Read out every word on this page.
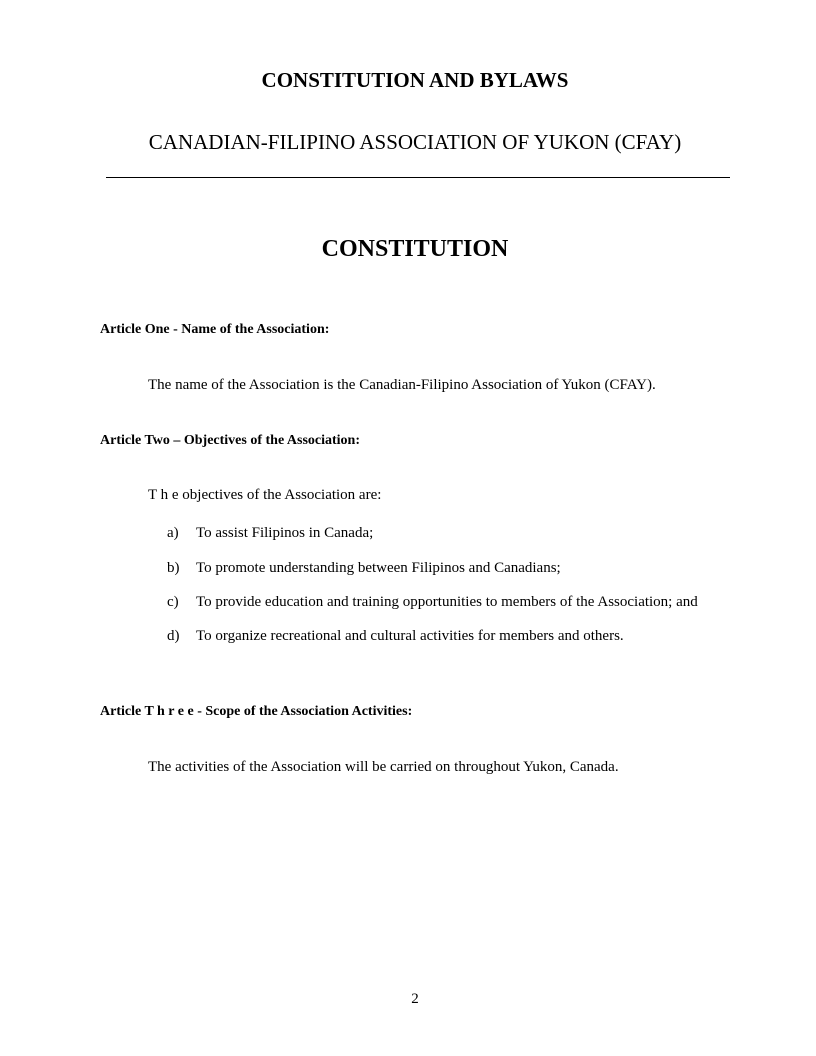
CONSTITUTION AND BYLAWS
CANADIAN-FILIPINO ASSOCIATION OF YUKON (CFAY)
CONSTITUTION
Article One - Name of the Association:
The name of the Association is the Canadian-Filipino Association of Yukon (CFAY).
Article Two – Objectives of the Association:
T h e objectives of the Association are:
a) To assist Filipinos in Canada;
b) To promote understanding between Filipinos and Canadians;
c) To provide education and training opportunities to members of the Association; and
d) To organize recreational and cultural activities for members and others.
Article T h r e e - Scope of the Association Activities:
The activities of the Association will be carried on throughout Yukon, Canada.
2
